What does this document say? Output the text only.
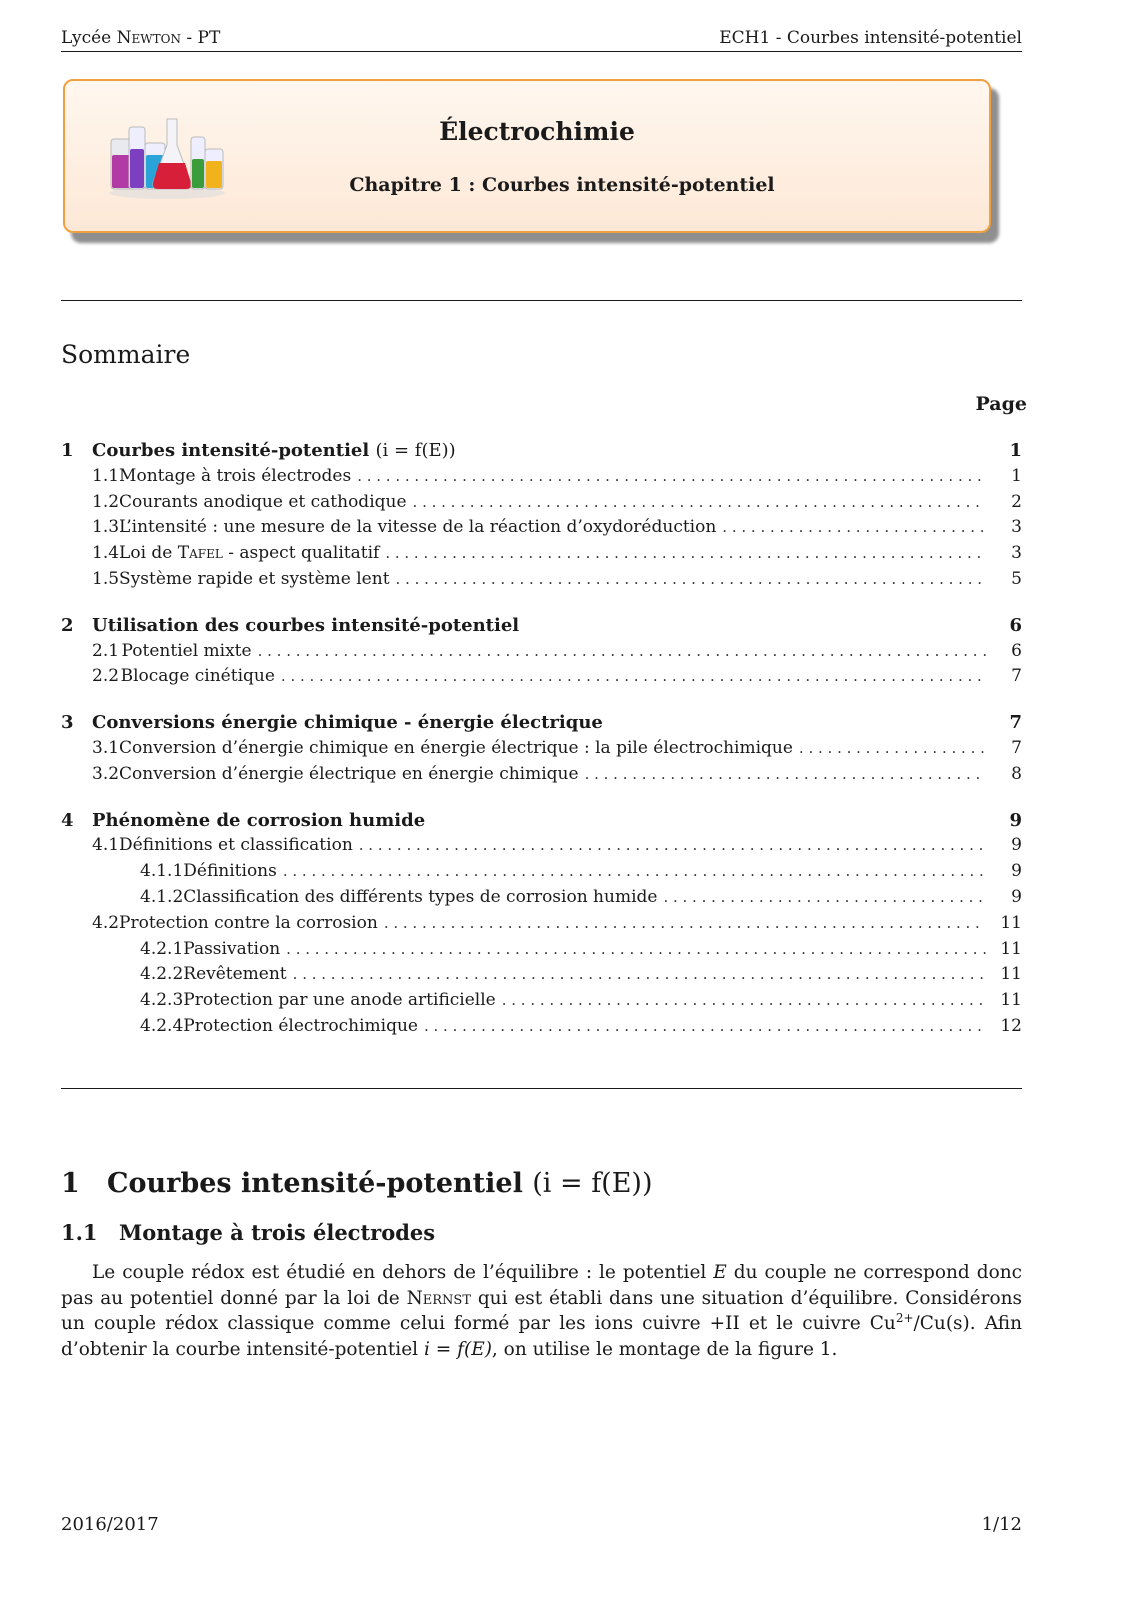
Lycée Newton - PT	ECH1 - Courbes intensité-potentiel
Électrochimie
Chapitre 1 : Courbes intensité-potentiel
Sommaire
Page
1	Courbes intensité-potentiel (i = f(E))	1
1.1 Montage à trois électrodes . . .	1
1.2 Courants anodique et cathodique . . .	2
1.3 L’intensité : une mesure de la vitesse de la réaction d’oxydoréduction . . .	3
1.4 Loi de Tafel - aspect qualitatif . . .	3
1.5 Système rapide et système lent . . .	5
2	Utilisation des courbes intensité-potentiel	6
2.1 Potentiel mixte . . .	6
2.2 Blocage cinétique . . .	7
3	Conversions énergie chimique - énergie électrique	7
3.1 Conversion d’énergie chimique en énergie électrique : la pile électrochimique . . .	7
3.2 Conversion d’énergie électrique en énergie chimique . . .	8
4	Phénomène de corrosion humide	9
4.1 Définitions et classification . . .	9
4.1.1 Définitions . . .	9
4.1.2 Classification des différents types de corrosion humide . . .	9
4.2 Protection contre la corrosion . . .	11
4.2.1 Passivation . . .	11
4.2.2 Revêtement . . .	11
4.2.3 Protection par une anode artificielle . . .	11
4.2.4 Protection électrochimique . . .	12
1 Courbes intensité-potentiel (i = f(E))
1.1 Montage à trois électrodes

Le couple rédox est étudié en dehors de l’équilibre : le potentiel E du couple ne correspond donc pas au potentiel donné par la loi de Nernst qui est établi dans une situation d’équilibre. Considérons un couple rédox classique comme celui formé par les ions cuivre +II et le cuivre $Cu^{2+}/Cu(s)$. Afin d’obtenir la courbe intensité-potentiel i = f(E), on utilise le montage de la figure 1.

2016/2017	1/12
